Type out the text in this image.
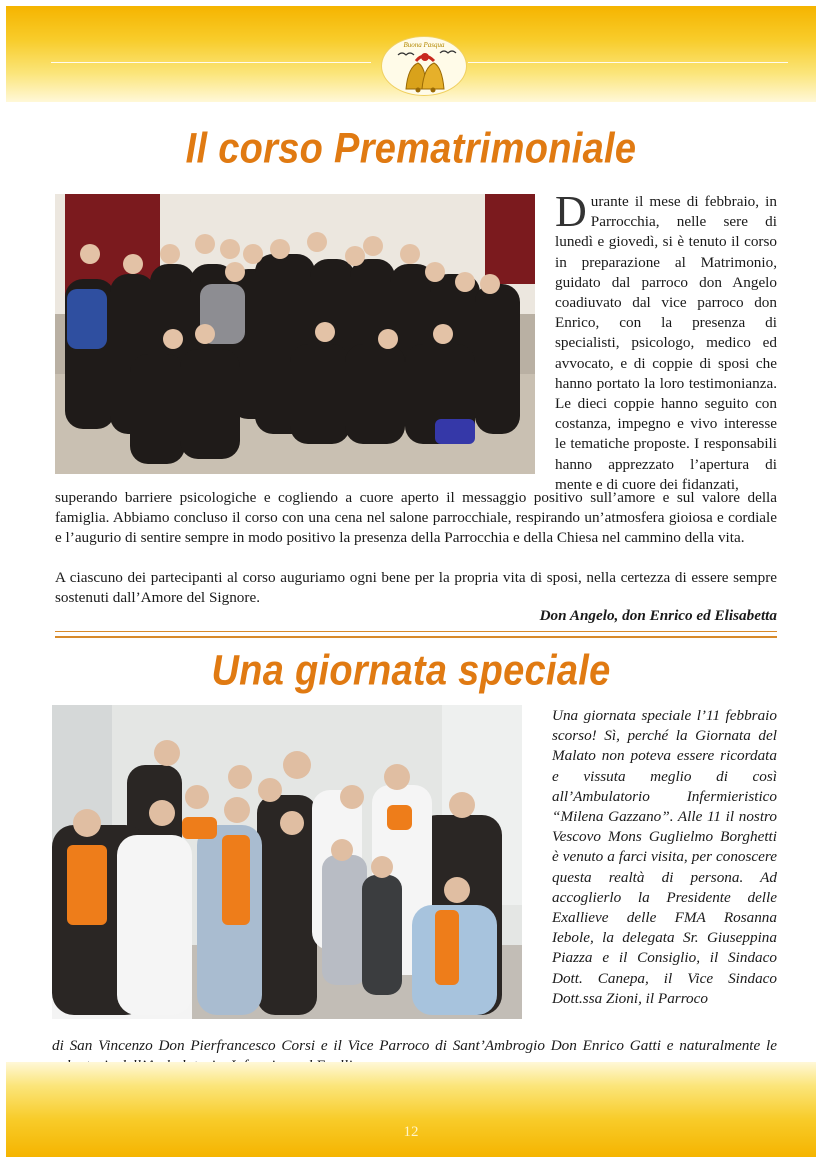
Buona Pasqua
Il corso Prematrimoniale

Durante il mese di febbraio, in Parrocchia, nelle sere di lunedì e giovedì, si è tenuto il corso in preparazione al Matrimonio, guidato dal parroco don Angelo coadiuvato dal vice parroco don Enrico, con la presenza di specialisti, psicologo, medico ed avvocato, e di coppie di sposi che hanno portato la loro testimonianza. Le dieci coppie hanno seguito con costanza, impegno e vivo interesse le tematiche proposte. I responsabili hanno apprezzato l’apertura di mente e di cuore dei fidanzati,

superando barriere psicologiche e cogliendo a cuore aperto il messaggio positivo sull’amore e sul valore della famiglia. Abbiamo concluso il corso con una cena nel salone parrocchiale, respirando un’atmosfera gioiosa e cordiale e l’augurio di sentire sempre in modo positivo la presenza della Parrocchia e della Chiesa nel cammino della vita.

A ciascuno dei partecipanti al corso auguriamo ogni bene per la propria vita di sposi, nella certezza di essere sempre sostenuti dall’Amore del Signore.

Don Angelo, don Enrico ed Elisabetta
Una giornata speciale

Una giornata speciale l’11 febbraio scorso! Sì, perché la Giornata del Malato non poteva essere ricordata e vissuta meglio di così all’Ambulatorio Infermieristico “Milena Gazzano”. Alle 11 il nostro Vescovo Mons Guglielmo Borghetti è venuto a farci visita, per conoscere questa realtà di persona. Ad accoglierlo la Presidente delle Exallieve delle FMA Rosanna Iebole, la delegata Sr. Giuseppina Piazza e il Consiglio, il Sindaco Dott. Canepa, il Vice Sindaco Dott.ssa Zioni, il Parroco

di San Vincenzo Don Pierfrancesco Corsi e il Vice Parroco di Sant’Ambrogio Don Enrico Gatti e naturalmente le

12
